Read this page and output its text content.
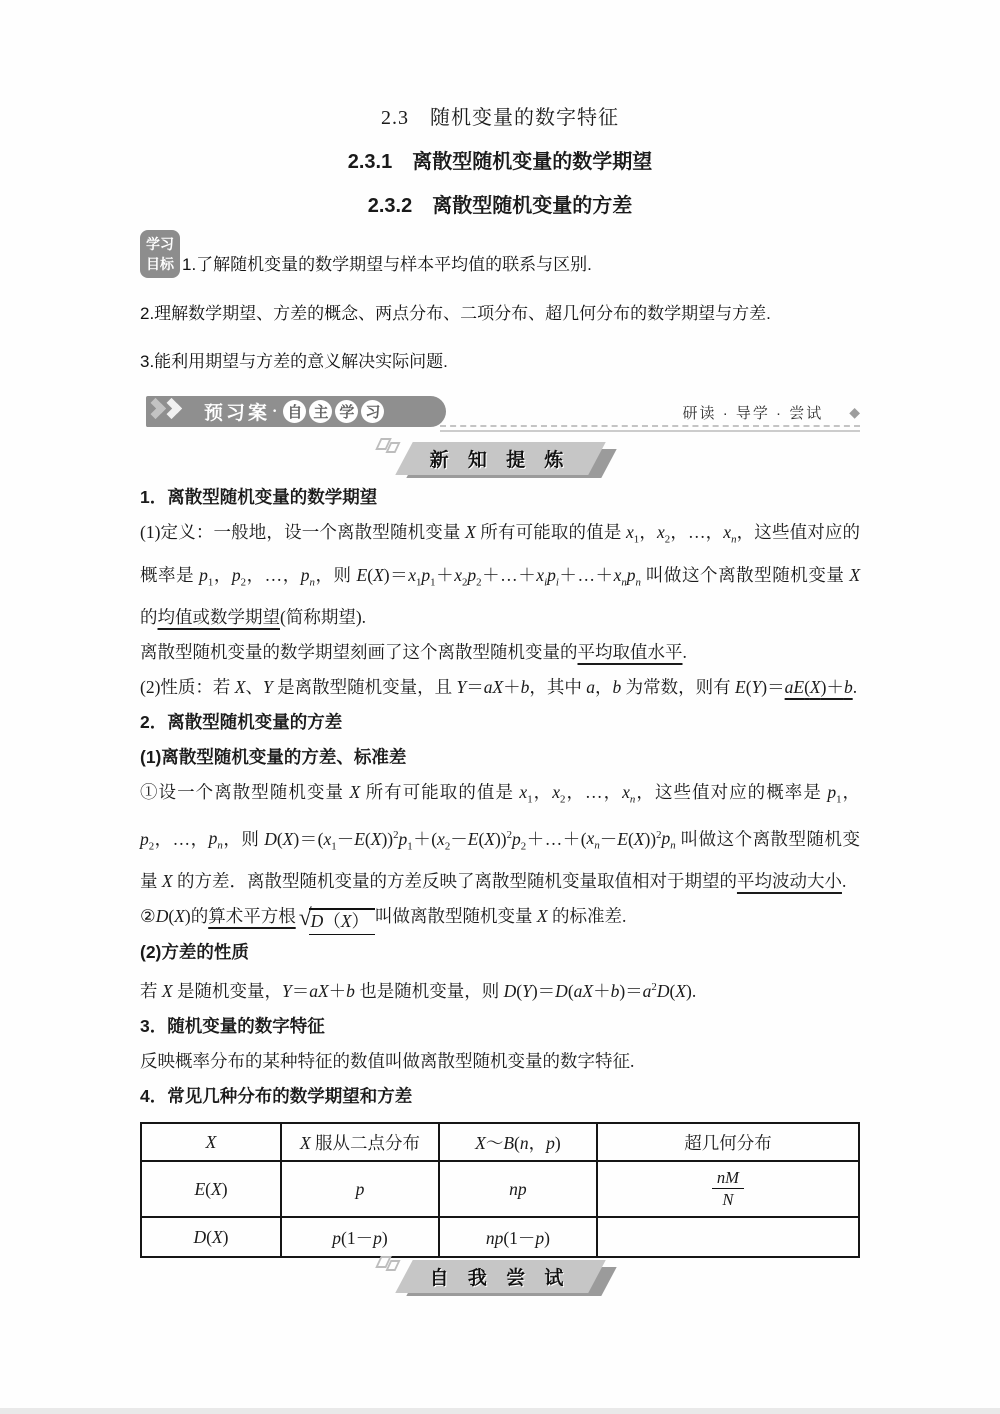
2.3　随机变量的数字特征
2.3.1　离散型随机变量的数学期望
2.3.2　离散型随机变量的方差
学习
目标 1.了解随机变量的数学期望与样本平均值的联系与区别.

2.理解数学期望、方差的概念、两点分布、二项分布、超几何分布的数学期望与方差.

3.能利用期望与方差的意义解决实际问题.

预习案 · 自 主 学 习	研读 · 导学 · 尝试 ◆
新 知 提 炼

1．离散型随机变量的数学期望

(1)定义：一般地，设一个离散型随机变量 X 所有可能取的值是 $x_1$，$x_2$，…，$x_n$，这些值对应的概率是 $p_1$，$p_2$，…，$p_n$，则 $E(X)=x_1p_1+x_2p_2+\dots+x_ip_i+\dots+x_np_n$ 叫做这个离散型随机变量 X 的均值或数学期望(简称期望).

离散型随机变量的数学期望刻画了这个离散型随机变量的平均取值水平.

(2)性质：若 X、Y 是离散型随机变量，且 Y＝aX＋b，其中 a，b 为常数，则有 E(Y)＝aE(X)＋b.

2．离散型随机变量的方差

(1)离散型随机变量的方差、标准差

①设一个离散型随机变量 X 所有可能取的值是 $x_1$，$x_2$，…，$x_n$，这些值对应的概率是 $p_1$，$p_2$，…，$p_n$，则 $D(X)=(x_1-E(X))^2p_1+(x_2-E(X))^2p_2+\dots+(x_n-E(X))^2p_n$ 叫做这个离散型随机变量 X 的方差．离散型随机变量的方差反映了离散型随机变量取值相对于期望的平均波动大小.

②D(X)的算术平方根 √ D（X） 叫做离散型随机变量 X 的标准差.

(2)方差的性质

若 X 是随机变量，Y＝aX＋b 也是随机变量，则 $D(Y)=D(aX+b)=a^2D(X)$.

3．随机变量的数字特征

反映概率分布的某种特征的数值叫做离散型随机变量的数字特征.

4．常见几种分布的数学期望和方差

X	X 服从二点分布	X～B(n，p)	超几何分布
E(X)	p	np	$\frac{nM}{N}$

D(X)	p(1－p)	np(1－p)	
自 我 尝 试
